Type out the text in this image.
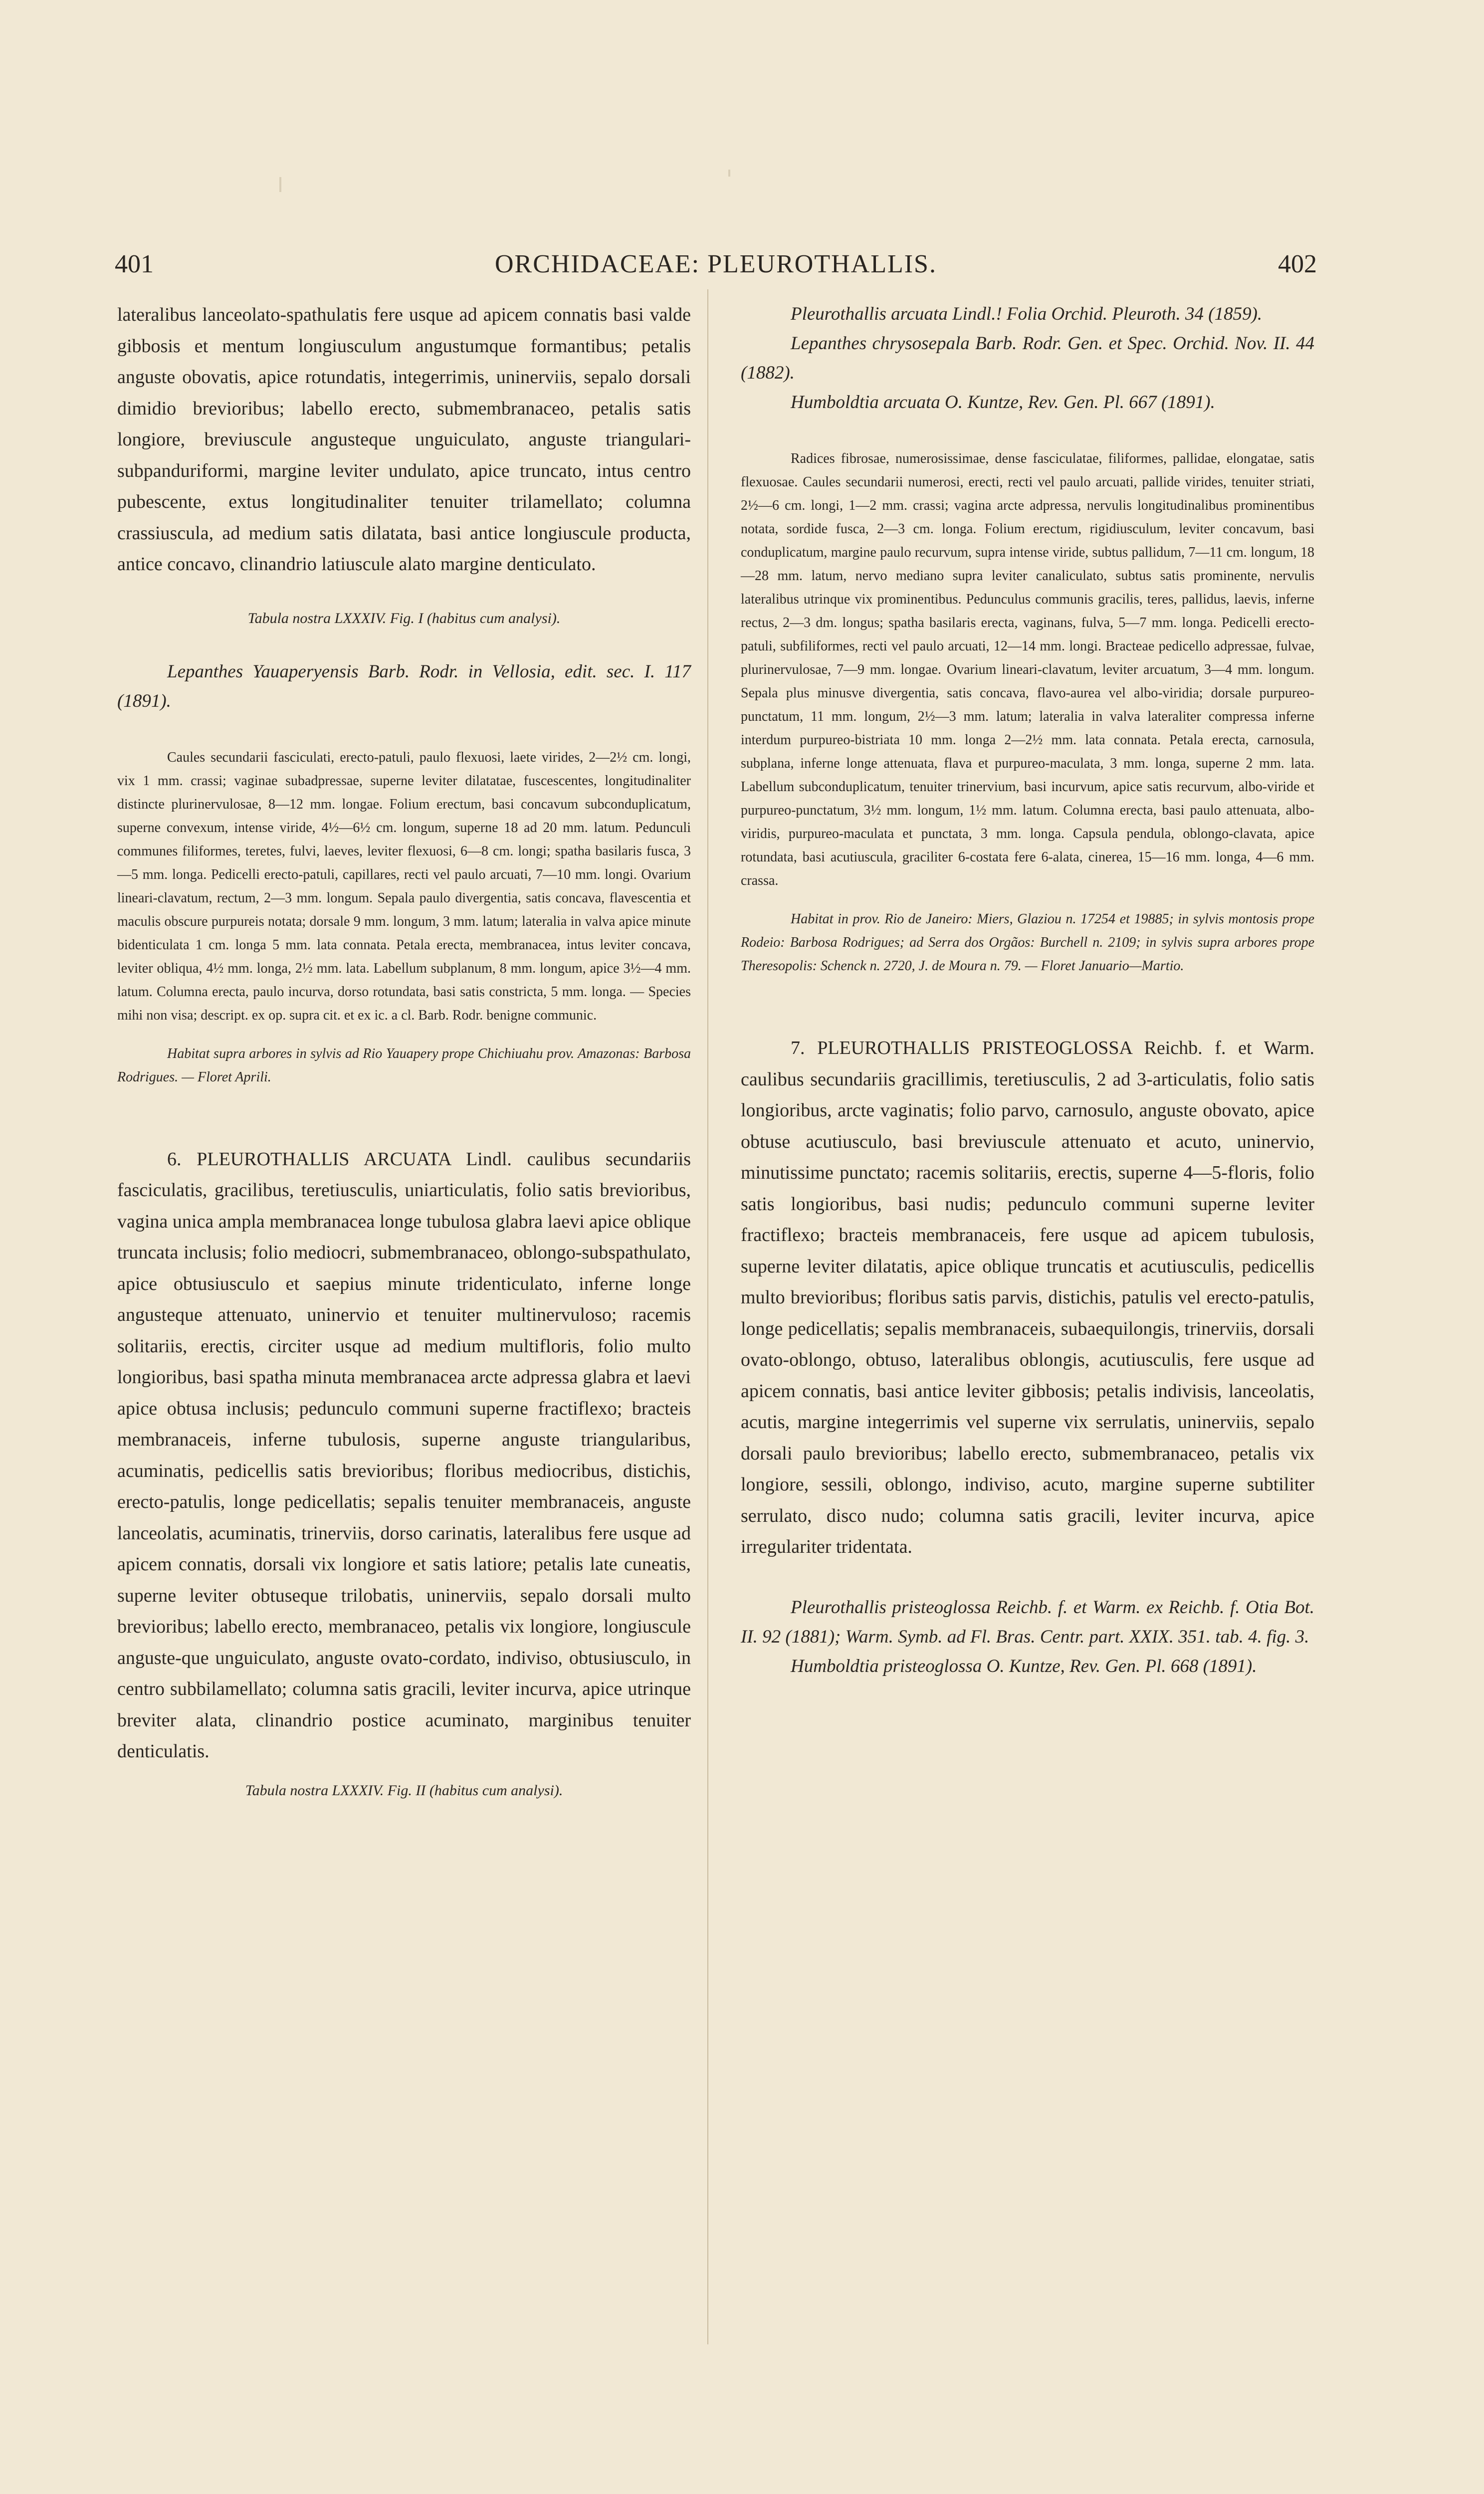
401	ORCHIDACEAE: PLEUROTHALLIS.	402

lateralibus lanceolato-spathulatis fere usque ad apicem connatis basi valde gibbosis et mentum longiusculum angustumque formantibus; petalis anguste obovatis, apice rotundatis, integerrimis, uninerviis, sepalo dorsali dimidio brevioribus; labello erecto, submembranaceo, petalis satis longiore, breviuscule angusteque unguiculato, anguste triangulari-subpanduriformi, margine leviter undulato, apice truncato, intus centro pubescente, extus longitudinaliter tenuiter trilamellato; columna crassiuscula, ad medium satis dilatata, basi antice longiuscule producta, antice concavo, clinandrio latiuscule alato margine denticulato.

Tabula nostra LXXXIV. Fig. I (habitus cum analysi).

Lepanthes Yauaperyensis Barb. Rodr. in Vellosia, edit. sec. I. 117 (1891).

Caules secundarii fasciculati, erecto-patuli, paulo flexuosi, laete virides, 2—2½ cm. longi, vix 1 mm. crassi; vaginae subadpressae, superne leviter dilatatae, fuscescentes, longitudinaliter distincte plurinervulosae, 8—12 mm. longae. Folium erectum, basi concavum subconduplicatum, superne convexum, intense viride, 4½—6½ cm. longum, superne 18 ad 20 mm. latum. Pedunculi communes filiformes, teretes, fulvi, laeves, leviter flexuosi, 6—8 cm. longi; spatha basilaris fusca, 3—5 mm. longa. Pedicelli erecto-patuli, capillares, recti vel paulo arcuati, 7—10 mm. longi. Ovarium lineari-clavatum, rectum, 2—3 mm. longum. Sepala paulo divergentia, satis concava, flavescentia et maculis obscure purpureis notata; dorsale 9 mm. longum, 3 mm. latum; lateralia in valva apice minute bidenticulata 1 cm. longa 5 mm. lata connata. Petala erecta, membranacea, intus leviter concava, leviter obliqua, 4½ mm. longa, 2½ mm. lata. Labellum subplanum, 8 mm. longum, apice 3½—4 mm. latum. Columna erecta, paulo incurva, dorso rotundata, basi satis constricta, 5 mm. longa. — Species mihi non visa; descript. ex op. supra cit. et ex ic. a cl. Barb. Rodr. benigne communic.

Habitat supra arbores in sylvis ad Rio Yauapery prope Chichiuahu prov. Amazonas: Barbosa Rodrigues. — Floret Aprili.

6. PLEUROTHALLIS ARCUATA Lindl. caulibus secundariis fasciculatis, gracilibus, teretiusculis, uniarticulatis, folio satis brevioribus, vagina unica ampla membranacea longe tubulosa glabra laevi apice oblique truncata inclusis; folio mediocri, submembranaceo, oblongo-subspathulato, apice obtusiusculo et saepius minute tridenticulato, inferne longe angusteque attenuato, uninervio et tenuiter multinervuloso; racemis solitariis, erectis, circiter usque ad medium multifloris, folio multo longioribus, basi spatha minuta membranacea arcte adpressa glabra et laevi apice obtusa inclusis; pedunculo communi superne fractiflexo; bracteis membranaceis, inferne tubulosis, superne anguste triangularibus, acuminatis, pedicellis satis brevioribus; floribus mediocribus, distichis, erecto-patulis, longe pedicellatis; sepalis tenuiter membranaceis, anguste lanceolatis, acuminatis, trinerviis, dorso carinatis, lateralibus fere usque ad apicem connatis, dorsali vix longiore et satis latiore; petalis late cuneatis, superne leviter obtuseque trilobatis, uninerviis, sepalo dorsali multo brevioribus; labello erecto, membranaceo, petalis vix longiore, longiuscule anguste-que unguiculato, anguste ovato-cordato, indiviso, obtusiusculo, in centro subbilamellato; columna satis gracili, leviter incurva, apice utrinque breviter alata, clinandrio postice acuminato, marginibus tenuiter denticulatis.

Tabula nostra LXXXIV. Fig. II (habitus cum analysi).

Pleurothallis arcuata Lindl.! Folia Orchid. Pleuroth. 34 (1859).

Lepanthes chrysosepala Barb. Rodr. Gen. et Spec. Orchid. Nov. II. 44 (1882).

Humboldtia arcuata O. Kuntze, Rev. Gen. Pl. 667 (1891).

Radices fibrosae, numerosissimae, dense fasciculatae, filiformes, pallidae, elongatae, satis flexuosae. Caules secundarii numerosi, erecti, recti vel paulo arcuati, pallide virides, tenuiter striati, 2½—6 cm. longi, 1—2 mm. crassi; vagina arcte adpressa, nervulis longitudinalibus prominentibus notata, sordide fusca, 2—3 cm. longa. Folium erectum, rigidiusculum, leviter concavum, basi conduplicatum, margine paulo recurvum, supra intense viride, subtus pallidum, 7—11 cm. longum, 18—28 mm. latum, nervo mediano supra leviter canaliculato, subtus satis prominente, nervulis lateralibus utrinque vix prominentibus. Pedunculus communis gracilis, teres, pallidus, laevis, inferne rectus, 2—3 dm. longus; spatha basilaris erecta, vaginans, fulva, 5—7 mm. longa. Pedicelli erecto-patuli, subfiliformes, recti vel paulo arcuati, 12—14 mm. longi. Bracteae pedicello adpressae, fulvae, plurinervulosae, 7—9 mm. longae. Ovarium lineari-clavatum, leviter arcuatum, 3—4 mm. longum. Sepala plus minusve divergentia, satis concava, flavo-aurea vel albo-viridia; dorsale purpureo-punctatum, 11 mm. longum, 2½—3 mm. latum; lateralia in valva lateraliter compressa inferne interdum purpureo-bistriata 10 mm. longa 2—2½ mm. lata connata. Petala erecta, carnosula, subplana, inferne longe attenuata, flava et purpureo-maculata, 3 mm. longa, superne 2 mm. lata. Labellum subconduplicatum, tenuiter trinervium, basi incurvum, apice satis recurvum, albo-viride et purpureo-punctatum, 3½ mm. longum, 1½ mm. latum. Columna erecta, basi paulo attenuata, albo-viridis, purpureo-maculata et punctata, 3 mm. longa. Capsula pendula, oblongo-clavata, apice rotundata, basi acutiuscula, graciliter 6-costata fere 6-alata, cinerea, 15—16 mm. longa, 4—6 mm. crassa.

Habitat in prov. Rio de Janeiro: Miers, Glaziou n. 17254 et 19885; in sylvis montosis prope Rodeio: Barbosa Rodrigues; ad Serra dos Orgãos: Burchell n. 2109; in sylvis supra arbores prope Theresopolis: Schenck n. 2720, J. de Moura n. 79. — Floret Januario—Martio.

7. PLEUROTHALLIS PRISTEOGLOSSA Reichb. f. et Warm. caulibus secundariis gracillimis, teretiusculis, 2 ad 3-articulatis, folio satis longioribus, arcte vaginatis; folio parvo, carnosulo, anguste obovato, apice obtuse acutiusculo, basi breviuscule attenuato et acuto, uninervio, minutissime punctato; racemis solitariis, erectis, superne 4—5-floris, folio satis longioribus, basi nudis; pedunculo communi superne leviter fractiflexo; bracteis membranaceis, fere usque ad apicem tubulosis, superne leviter dilatatis, apice oblique truncatis et acutiusculis, pedicellis multo brevioribus; floribus satis parvis, distichis, patulis vel erecto-patulis, longe pedicellatis; sepalis membranaceis, subaequilongis, trinerviis, dorsali ovato-oblongo, obtuso, lateralibus oblongis, acutiusculis, fere usque ad apicem connatis, basi antice leviter gibbosis; petalis indivisis, lanceolatis, acutis, margine integerrimis vel superne vix serrulatis, uninerviis, sepalo dorsali paulo brevioribus; labello erecto, submembranaceo, petalis vix longiore, sessili, oblongo, indiviso, acuto, margine superne subtiliter serrulato, disco nudo; columna satis gracili, leviter incurva, apice irregulariter tridentata.

Pleurothallis pristeoglossa Reichb. f. et Warm. ex Reichb. f. Otia Bot. II. 92 (1881); Warm. Symb. ad Fl. Bras. Centr. part. XXIX. 351. tab. 4. fig. 3.

Humboldtia pristeoglossa O. Kuntze, Rev. Gen. Pl. 668 (1891).
